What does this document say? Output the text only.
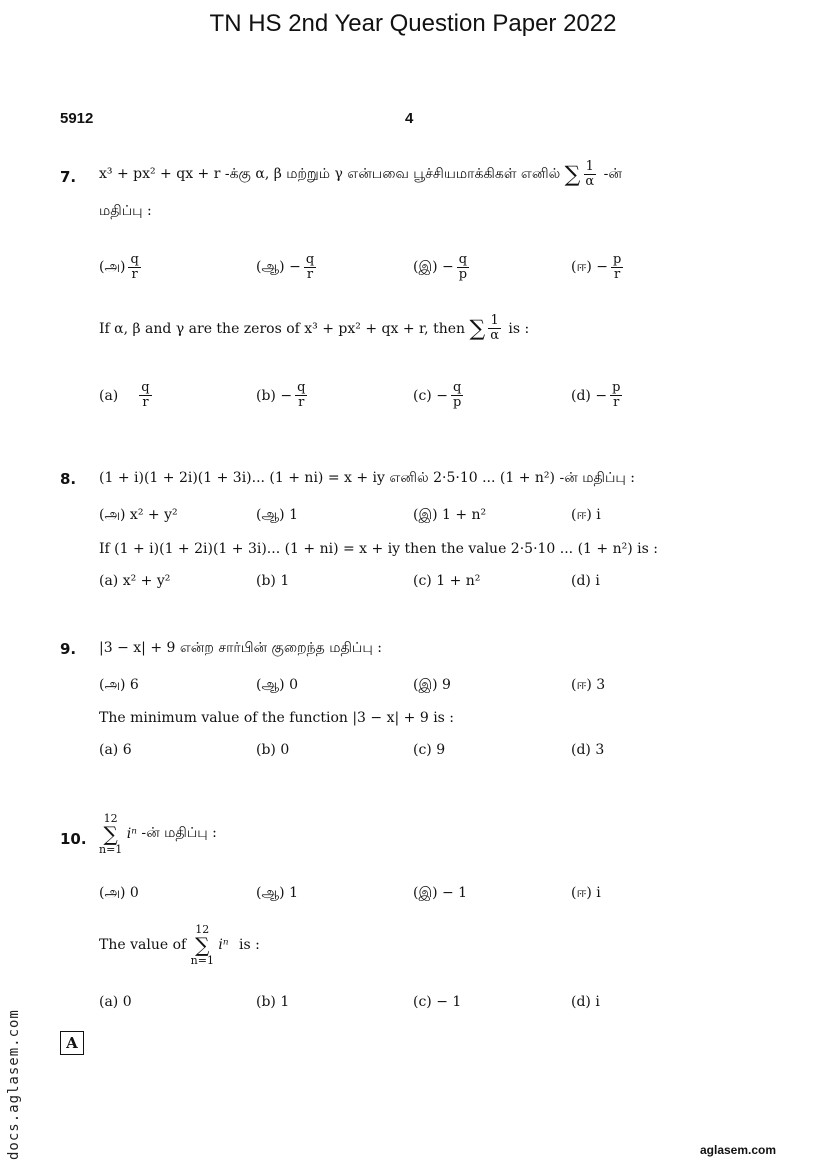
TN HS 2nd Year Question Paper 2022
5912	4
7. x³ + px² + qx + r -க்கு α, β மற்றும் γ என்பவை பூச்சியமாக்கிகள் எனில் ∑ $\frac{1}{\alpha}$ -ன்
மதிப்பு :
(அ) $\frac{q}{r}$	(ஆ) − $\frac{q}{r}$	(இ) − $\frac{q}{p}$	(ஈ) − $\frac{p}{r}$
If α, β and γ are the zeros of x³ + px² + qx + r, then ∑ $\frac{1}{\alpha}$ is :
$(a) \frac{q}{r}$	$(b) - \frac{q}{r}$	$(c) - \frac{q}{p}$	$(d) - \frac{p}{r}$
8. (1 + i)(1 + 2i)(1 + 3i)... (1 + ni) = x + iy எனில் 2·5·10 ... (1 + n²) -ன் மதிப்பு :
(அ) x² + y²	(ஆ) 1	(இ) 1 + n²	(ஈ) i
If (1 + i)(1 + 2i)(1 + 3i)... (1 + ni) = x + iy then the value 2·5·10 ... (1 + n²) is :
(a) x² + y²	(b) 1	(c) 1 + n²	(d) i
9. |3 − x| + 9 என்ற சார்பின் குறைந்த மதிப்பு :
(அ) 6	(ஆ) 0	(இ) 9	(ஈ) 3
The minimum value of the function |3 − x| + 9 is :
(a) 6	(b) 0	(c) 9	(d) 3
10.
12
∑
n=1
iⁿ -ன் மதிப்பு :
(அ) 0	(ஆ) 1	(இ) − 1	(ஈ) i
The value of
12
∑
n=1
iⁿ is :
(a) 0	(b) 1	(c) − 1	(d) i
A
docs.aglasem.com	aglasem.com
